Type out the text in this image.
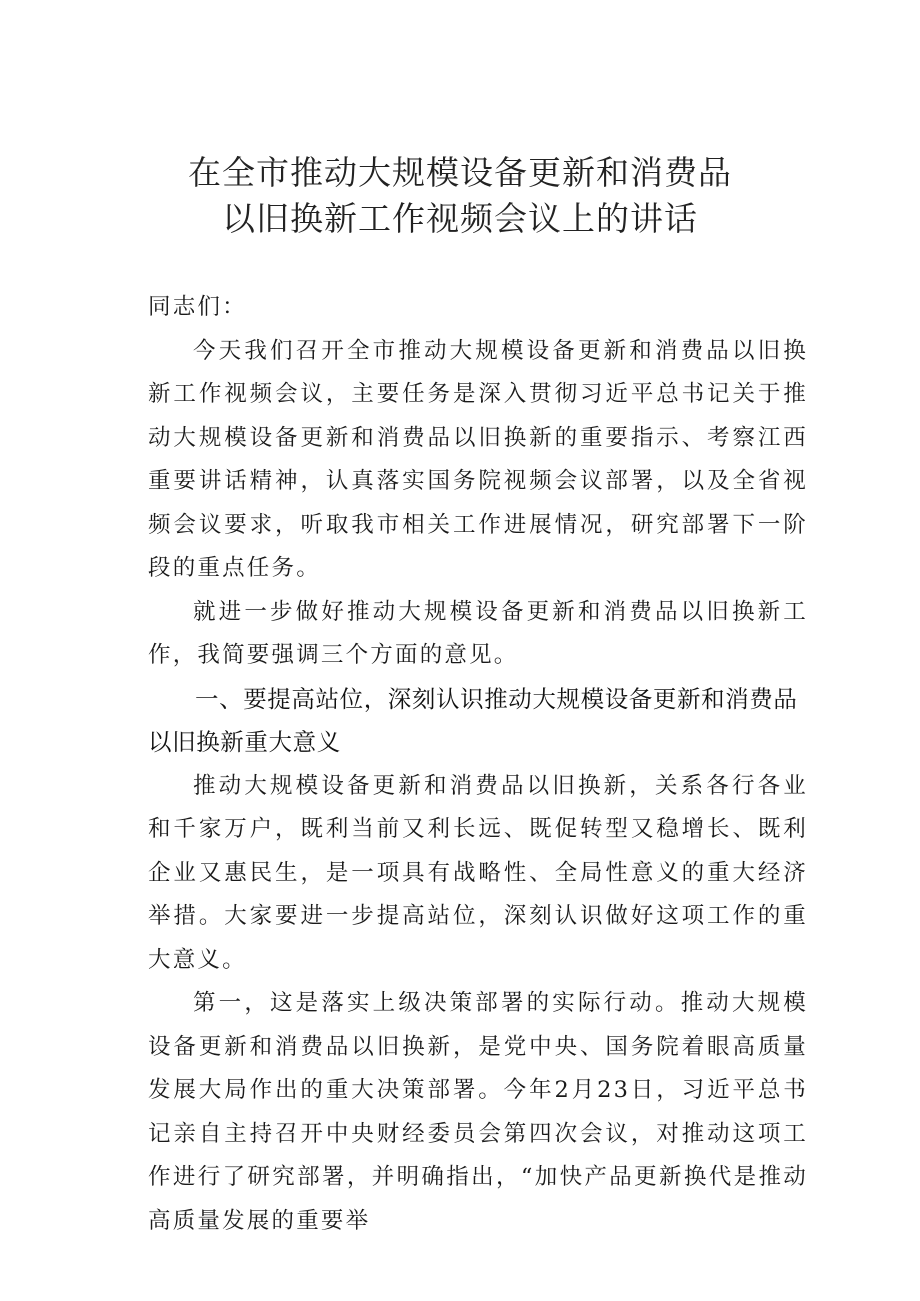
在全市推动大规模设备更新和消费品
以旧换新工作视频会议上的讲话

同志们：

今天我们召开全市推动大规模设备更新和消费品以旧换新工作视频会议，主要任务是深入贯彻习近平总书记关于推动大规模设备更新和消费品以旧换新的重要指示、考察江西重要讲话精神，认真落实国务院视频会议部署，以及全省视频会议要求，听取我市相关工作进展情况，研究部署下一阶段的重点任务。

就进一步做好推动大规模设备更新和消费品以旧换新工作，我简要强调三个方面的意见。

一、要提高站位，深刻认识推动大规模设备更新和消费品以旧换新重大意义

推动大规模设备更新和消费品以旧换新，关系各行各业和千家万户，既利当前又利长远、既促转型又稳增长、既利企业又惠民生，是一项具有战略性、全局性意义的重大经济举措。大家要进一步提高站位，深刻认识做好这项工作的重大意义。

第一，这是落实上级决策部署的实际行动。推动大规模设备更新和消费品以旧换新，是党中央、国务院着眼高质量发展大局作出的重大决策部署。今年2月23日，习近平总书记亲自主持召开中央财经委员会第四次会议，对推动这项工作进行了研究部署，并明确指出，“加快产品更新换代是推动高质量发展的重要举
